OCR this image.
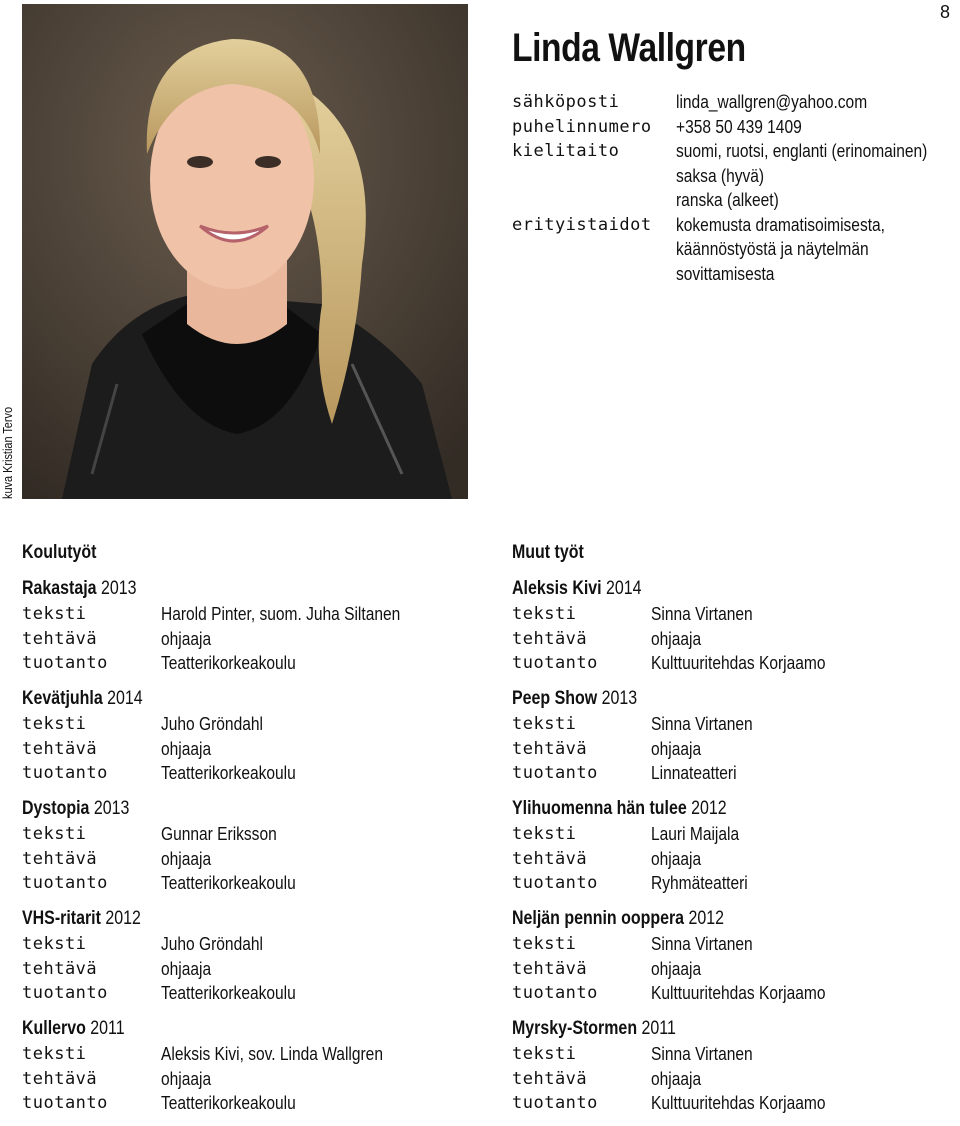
8
kuva Kristian Tervo
Linda Wallgren
sähköposti	linda_wallgren@yahoo.com
puhelinnumero	+358 50 439 1409
kielitaito	suomi, ruotsi, englanti (erinomainen)
saksa (hyvä)
ranska (alkeet)
erityistaidot	kokemusta dramatisoimisesta,
käännöstyöstä ja näytelmän
sovittamisesta
Koulutyöt
Rakastaja 2013
teksti	Harold Pinter, suom. Juha Siltanen
tehtävä	ohjaaja
tuotanto	Teatterikorkeakoulu
Kevätjuhla 2014
teksti	Juho Gröndahl
tehtävä	ohjaaja
tuotanto	Teatterikorkeakoulu
Dystopia 2013
teksti	Gunnar Eriksson
tehtävä	ohjaaja
tuotanto	Teatterikorkeakoulu
VHS-ritarit 2012
teksti	Juho Gröndahl
tehtävä	ohjaaja
tuotanto	Teatterikorkeakoulu
Kullervo 2011
teksti	Aleksis Kivi, sov. Linda Wallgren
tehtävä	ohjaaja
tuotanto	Teatterikorkeakoulu
Muut työt
Aleksis Kivi 2014
teksti	Sinna Virtanen
tehtävä	ohjaaja
tuotanto	Kulttuuritehdas Korjaamo
Peep Show 2013
teksti	Sinna Virtanen
tehtävä	ohjaaja
tuotanto	Linnateatteri
Ylihuomenna hän tulee 2012
teksti	Lauri Maijala
tehtävä	ohjaaja
tuotanto	Ryhmäteatteri
Neljän pennin ooppera 2012
teksti	Sinna Virtanen
tehtävä	ohjaaja
tuotanto	Kulttuuritehdas Korjaamo
Myrsky-Stormen 2011
teksti	Sinna Virtanen
tehtävä	ohjaaja
tuotanto	Kulttuuritehdas Korjaamo
